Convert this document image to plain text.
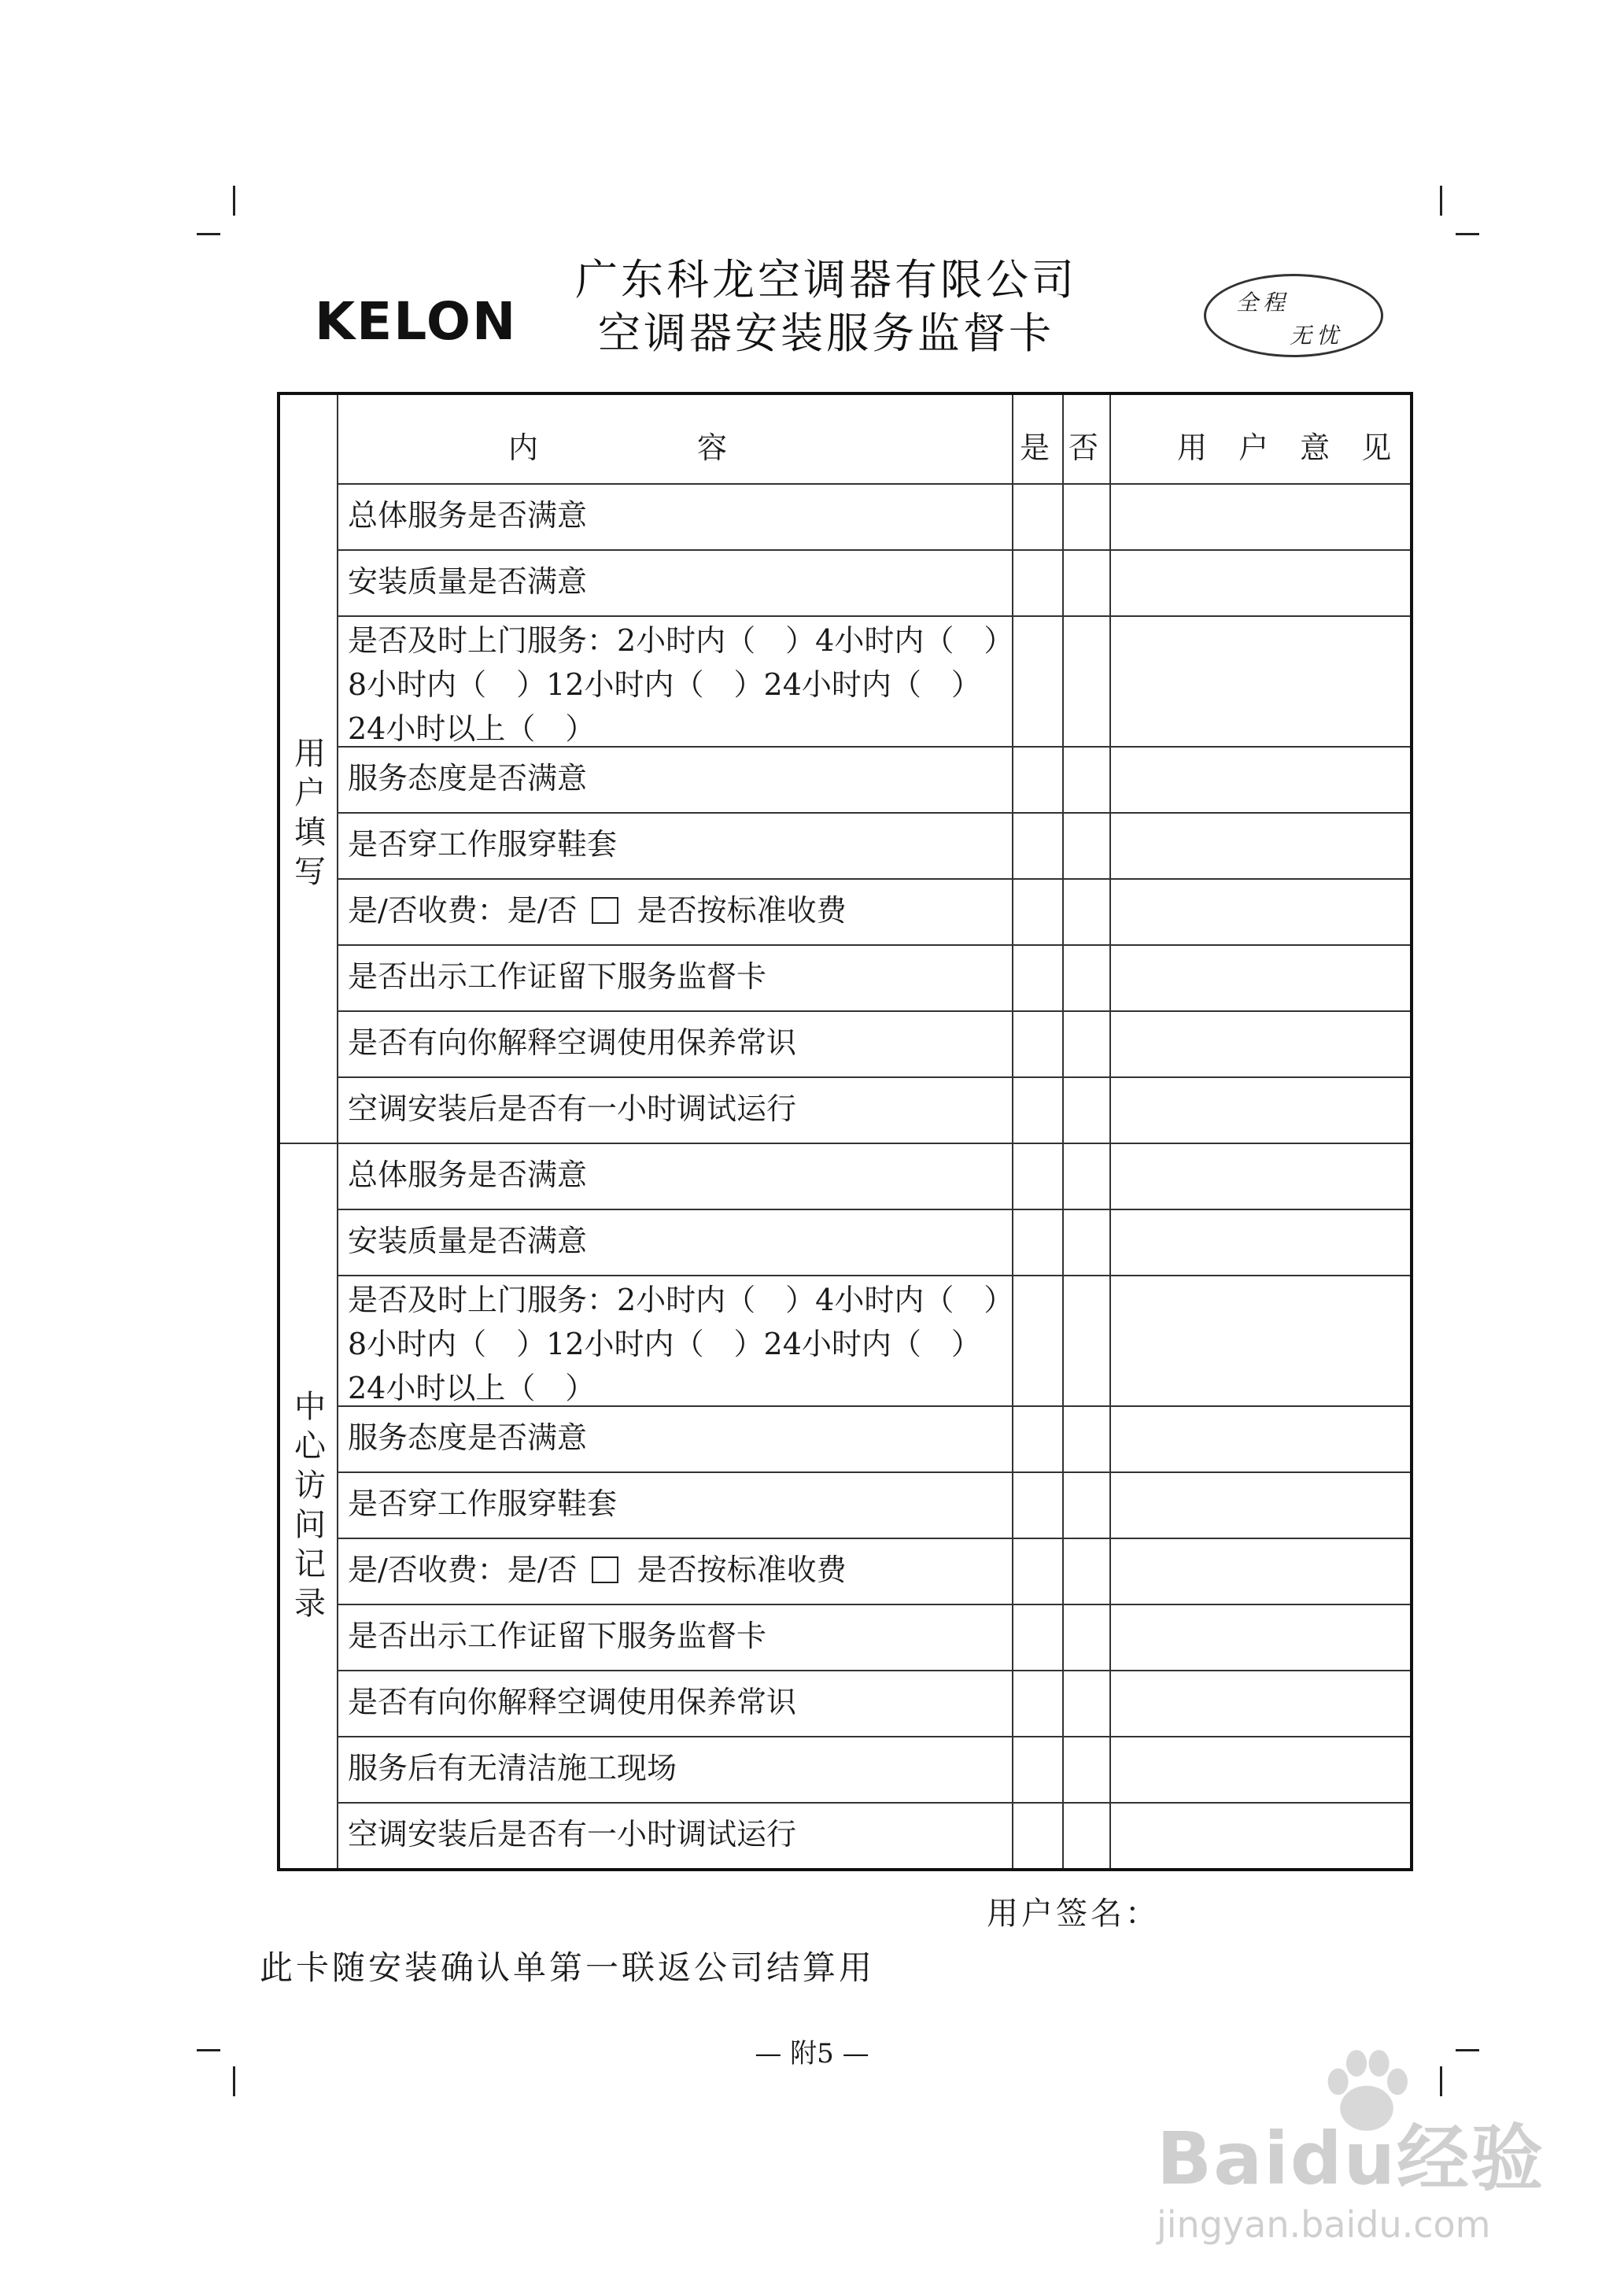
KELON
广东科龙空调器有限公司
空调器安装服务监督卡
全程
无忧
内　　　　　容	是 否	用 户 意 见
用
户
填
写
中
心
访
问
记
录
总体服务是否满意
安装质量是否满意
是否及时上门服务：2小时内（　）4小时内（　）
8小时内（　）12小时内（　）24小时内（　）
24小时以上（　）
服务态度是否满意
是否穿工作服穿鞋套
是/否收费：是/否 是否按标准收费
是否出示工作证留下服务监督卡
是否有向你解释空调使用保养常识
空调安装后是否有一小时调试运行
总体服务是否满意
安装质量是否满意
是否及时上门服务：2小时内（　）4小时内（　）
8小时内（　）12小时内（　）24小时内（　）
24小时以上（　）
服务态度是否满意
是否穿工作服穿鞋套
是/否收费：是/否 是否按标准收费
是否出示工作证留下服务监督卡
是否有向你解释空调使用保养常识
服务后有无清洁施工现场
空调安装后是否有一小时调试运行
用户签名：
此卡随安装确认单第一联返公司结算用
— 附5 —
Baidu经验
jingyan.baidu.com
